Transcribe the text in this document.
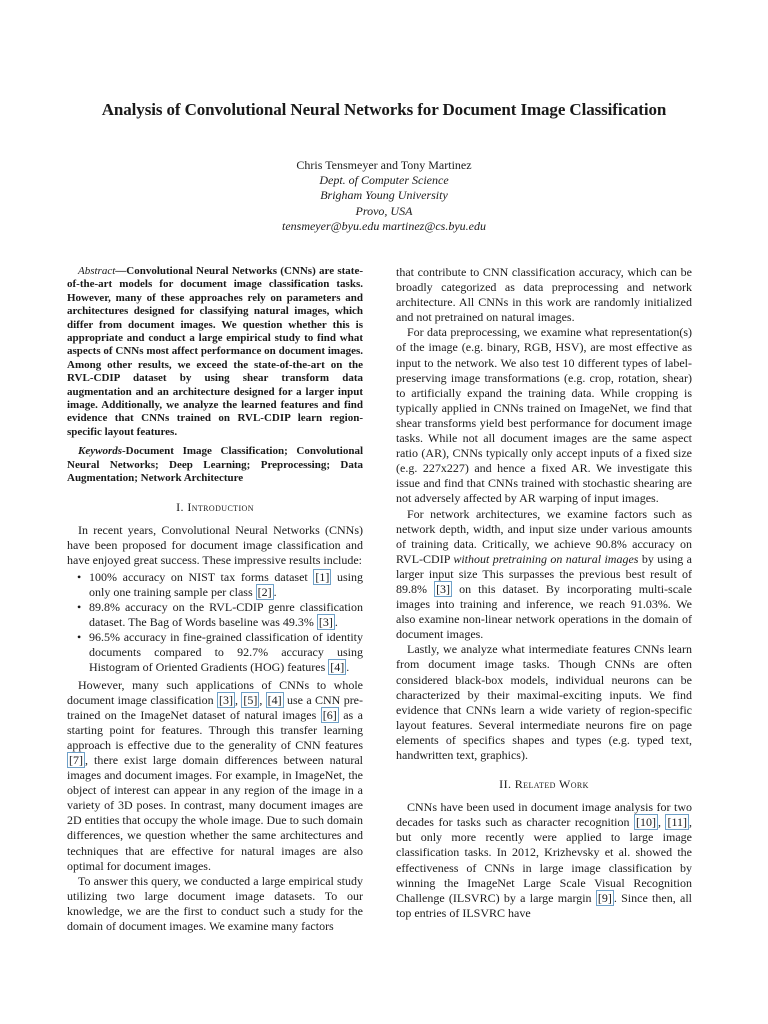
Analysis of Convolutional Neural Networks for Document Image Classification
Chris Tensmeyer and Tony Martinez
Dept. of Computer Science
Brigham Young University
Provo, USA
tensmeyer@byu.edu martinez@cs.byu.edu

Abstract—Convolutional Neural Networks (CNNs) are state-of-the-art models for document image classification tasks. However, many of these approaches rely on parameters and architectures designed for classifying natural images, which differ from document images. We question whether this is appropriate and conduct a large empirical study to find what aspects of CNNs most affect performance on document images. Among other results, we exceed the state-of-the-art on the RVL-CDIP dataset by using shear transform data augmentation and an architecture designed for a larger input image. Additionally, we analyze the learned features and find evidence that CNNs trained on RVL-CDIP learn region-specific layout features.

Keywords-Document Image Classification; Convolutional Neural Networks; Deep Learning; Preprocessing; Data Augmentation; Network Architecture

I. Introduction

In recent years, Convolutional Neural Networks (CNNs) have been proposed for document image classification and have enjoyed great success. These impressive results include:

• 100% accuracy on NIST tax forms dataset [1] using only one training sample per class [2] .
• 89.8% accuracy on the RVL-CDIP genre classification dataset. The Bag of Words baseline was 49.3% [3] .
• 96.5% accuracy in fine-grained classification of identity documents compared to 92.7% accuracy using Histogram of Oriented Gradients (HOG) features [4] .

However, many such applications of CNNs to whole document image classification [3] , [5] , [4] use a CNN pre-trained on the ImageNet dataset of natural images [6] as a starting point for features. Through this transfer learning approach is effective due to the generality of CNN features [7] , there exist large domain differences between natural images and document images. For example, in ImageNet, the object of interest can appear in any region of the image in a variety of 3D poses. In contrast, many document images are 2D entities that occupy the whole image. Due to such domain differences, we question whether the same architectures and techniques that are effective for natural images are also optimal for document images.

To answer this query, we conducted a large empirical study utilizing two large document image datasets. To our knowledge, we are the first to conduct such a study for the domain of document images. We examine many factors

that contribute to CNN classification accuracy, which can be broadly categorized as data preprocessing and network architecture. All CNNs in this work are randomly initialized and not pretrained on natural images.

For data preprocessing, we examine what representation(s) of the image (e.g. binary, RGB, HSV), are most effective as input to the network. We also test 10 different types of label-preserving image transformations (e.g. crop, rotation, shear) to artificially expand the training data. While cropping is typically applied in CNNs trained on ImageNet, we find that shear transforms yield best performance for document image tasks. While not all document images are the same aspect ratio (AR), CNNs typically only accept inputs of a fixed size (e.g. 227x227) and hence a fixed AR. We investigate this issue and find that CNNs trained with stochastic shearing are not adversely affected by AR warping of input images.

For network architectures, we examine factors such as network depth, width, and input size under various amounts of training data. Critically, we achieve 90.8% accuracy on RVL-CDIP without pretraining on natural images by using a larger input size This surpasses the previous best result of 89.8% [3] on this dataset. By incorporating multi-scale images into training and inference, we reach 91.03%. We also examine non-linear network operations in the domain of document images.

Lastly, we analyze what intermediate features CNNs learn from document image tasks. Though CNNs are often considered black-box models, individual neurons can be characterized by their maximal-exciting inputs. We find evidence that CNNs learn a wide variety of region-specific layout features. Several intermediate neurons fire on page elements of specifics shapes and types (e.g. typed text, handwritten text, graphics).

II. Related Work

CNNs have been used in document image analysis for two decades for tasks such as character recognition [10] , [11] , but only more recently were applied to large image classification tasks. In 2012, Krizhevsky et al. showed the effectiveness of CNNs in large image classification by winning the ImageNet Large Scale Visual Recognition Challenge (ILSVRC) by a large margin [9] . Since then, all top entries of ILSVRC have
